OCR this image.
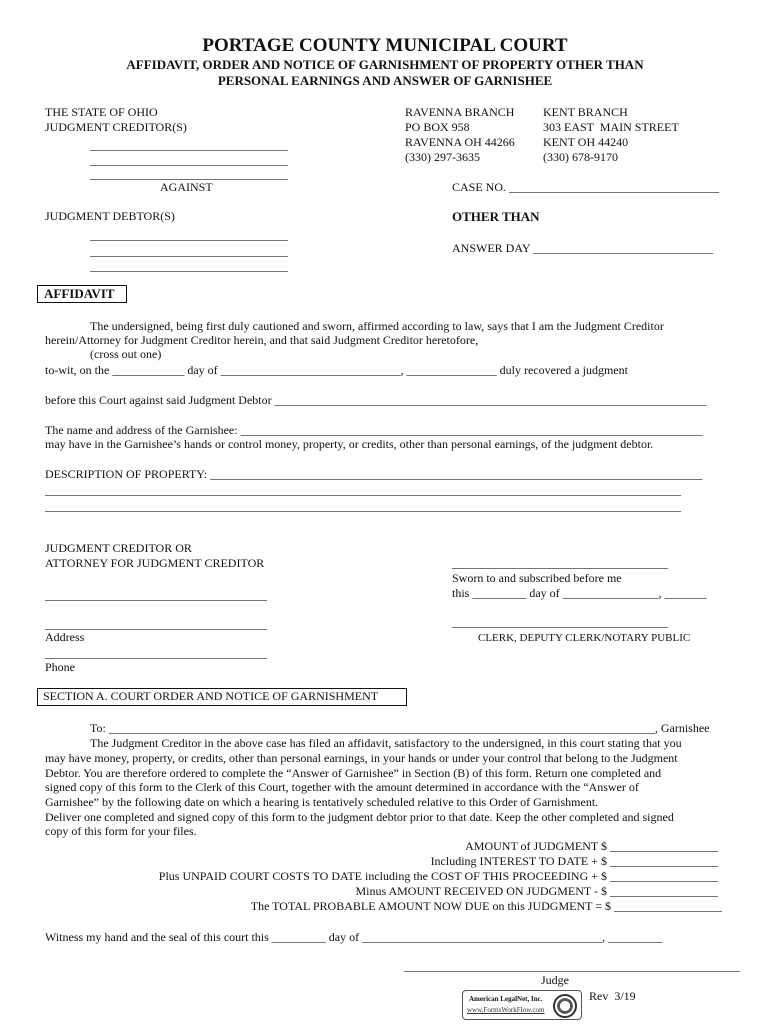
PORTAGE COUNTY MUNICIPAL COURT
AFFIDAVIT, ORDER AND NOTICE OF GARNISHMENT OF PROPERTY OTHER THAN
PERSONAL EARNINGS AND ANSWER OF GARNISHEE
THE STATE OF OHIO
JUDGMENT CREDITOR(S)
_________________________________
_________________________________
_________________________________
AGAINST
JUDGMENT DEBTOR(S)
_________________________________
_________________________________
_________________________________
RAVENNA BRANCH
PO BOX 958
RAVENNA OH 44266
(330) 297-3635
KENT BRANCH
303 EAST  MAIN STREET
KENT OH 44240
(330) 678-9170
CASE NO. ___________________________________
OTHER THAN
ANSWER DAY ______________________________
AFFIDAVIT
The undersigned, being first duly cautioned and sworn, affirmed according to law, says that I am the Judgment Creditor
herein/Attorney for Judgment Creditor herein, and that said Judgment Creditor heretofore,
(cross out one)
to-wit, on the ____________ day of ______________________________, _______________ duly recovered a judgment
before this Court against said Judgment Debtor ________________________________________________________________________
The name and address of the Garnishee: _____________________________________________________________________________
may have in the Garnishee’s hands or control money, property, or credits, other than personal earnings, of the judgment debtor.
DESCRIPTION OF PROPERTY: __________________________________________________________________________________
__________________________________________________________________________________________________________
__________________________________________________________________________________________________________
JUDGMENT CREDITOR OR
ATTORNEY FOR JUDGMENT CREDITOR
_____________________________________
_____________________________________
Address
_____________________________________
Phone
____________________________________
Sworn to and subscribed before me
this _________ day of ________________, _______
____________________________________
CLERK, DEPUTY CLERK/NOTARY PUBLIC
SECTION A. COURT ORDER AND NOTICE OF GARNISHMENT
To: ___________________________________________________________________________________________, Garnishee
The Judgment Creditor in the above case has filed an affidavit, satisfactory to the undersigned, in this court stating that you
may have money, property, or credits, other than personal earnings, in your hands or under your control that belong to the Judgment
Debtor. You are therefore ordered to complete the “Answer of Garnishee” in Section (B) of this form. Return one completed and
signed copy of this form to the Clerk of this Court, together with the amount determined in accordance with the “Answer of
Garnishee” by the following date on which a hearing is tentatively scheduled relative to this Order of Garnishment.
Deliver one completed and signed copy of this form to the judgment debtor prior to that date. Keep the other completed and signed
copy of this form for your files.
AMOUNT of JUDGMENT $ __________________
Including INTEREST TO DATE + $ __________________
Plus UNPAID COURT COSTS TO DATE including the COST OF THIS PROCEEDING + $ __________________
Minus AMOUNT RECEIVED ON JUDGMENT - $ __________________
The TOTAL PROBABLE AMOUNT NOW DUE on this JUDGMENT = $ __________________
Witness my hand and the seal of this court this _________ day of ________________________________________, _________
________________________________________________________
Judge
American LegalNet, Inc.
www.FormsWorkFlow.com
Rev  3/19
